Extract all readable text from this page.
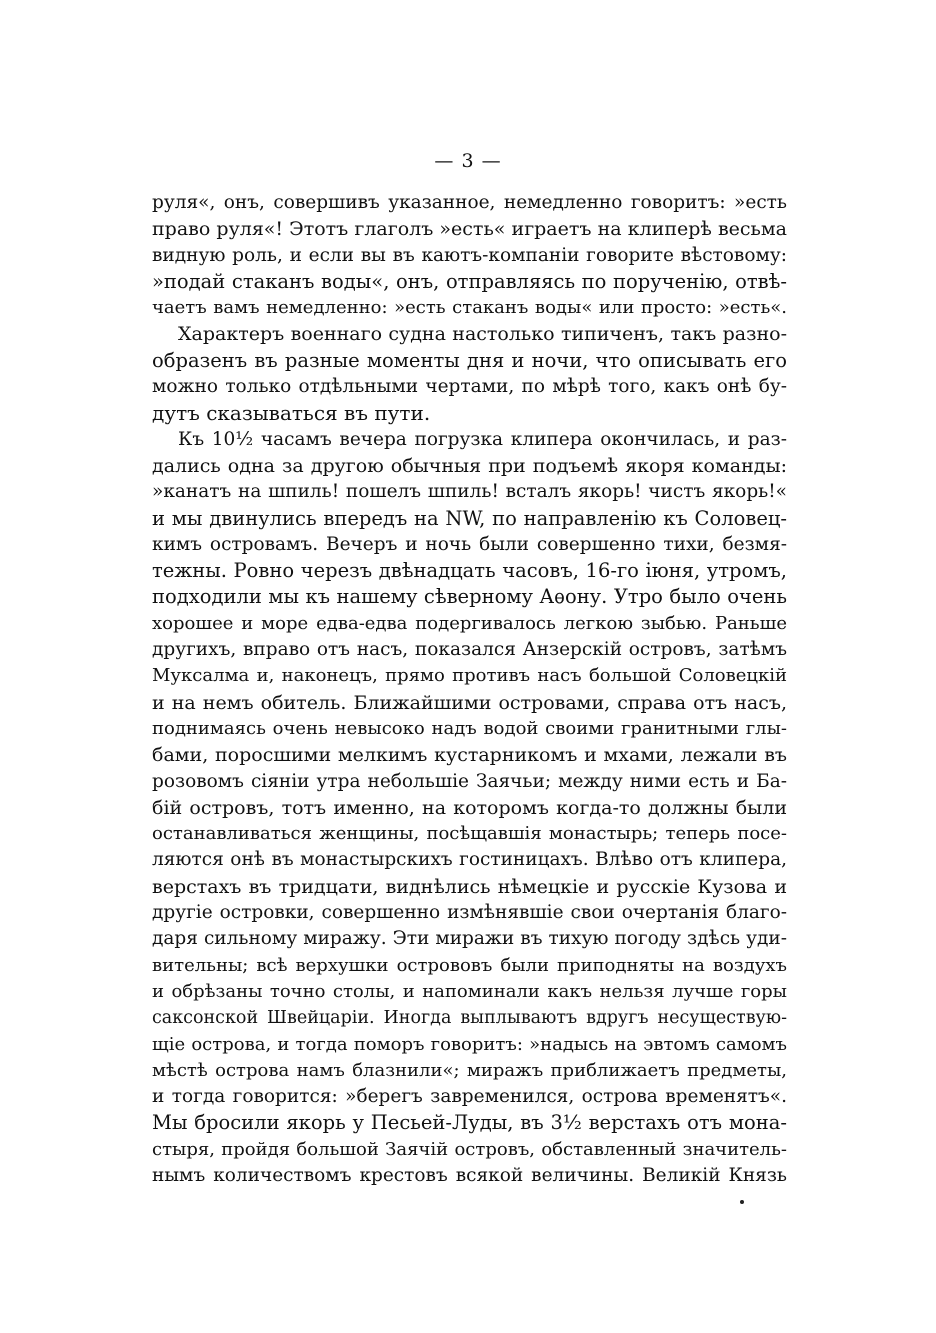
— 3 —
руля«, онъ, совершивъ указанное, немедленно говоритъ: »есть
право руля«! Этотъ глаголъ »есть« играетъ на клиперѣ весьма
видную роль, и если вы въ каютъ-компаніи говорите вѣстовому:
»подай стаканъ воды«, онъ, отправляясь по порученію, отвѣ-
чаетъ вамъ немедленно: »есть стаканъ воды« или просто: »есть«.
Характеръ военнаго судна настолько типиченъ, такъ разно-
образенъ въ разные моменты дня и ночи, что описывать его
можно только отдѣльными чертами, по мѣрѣ того, какъ онѣ бу-
дутъ сказываться въ пути.
Къ 10½ часамъ вечера погрузка клипера окончилась, и раз-
дались одна за другою обычныя при подъемѣ якоря команды:
»канатъ на шпиль! пошелъ шпиль! всталъ якорь! чистъ якорь!«
и мы двинулись впередъ на NW, по направленію къ Соловец-
кимъ островамъ. Вечеръ и ночь были совершенно тихи, безмя-
тежны. Ровно черезъ двѣнадцать часовъ, 16-го іюня, утромъ,
подходили мы къ нашему сѣверному Аѳону. Утро было очень
хорошее и море едва-едва подергивалось легкою зыбью. Раньше
другихъ, вправо отъ насъ, показался Анзерскій островъ, затѣмъ
Муксалма и, наконецъ, прямо противъ насъ большой Соловецкій
и на немъ обитель. Ближайшими островами, справа отъ насъ,
поднимаясь очень невысоко надъ водой своими гранитными глы-
бами, поросшими мелкимъ кустарникомъ и мхами, лежали въ
розовомъ сіяніи утра небольшіе Заячьи; между ними есть и Ба-
бій островъ, тотъ именно, на которомъ когда-то должны были
останавливаться женщины, посѣщавшія монастырь; теперь посе-
ляются онѣ въ монастырскихъ гостиницахъ. Влѣво отъ клипера,
верстахъ въ тридцати, виднѣлись нѣмецкіе и русскіе Кузова и
другіе островки, совершенно измѣнявшіе свои очертанія благо-
даря сильному миражу. Эти миражи въ тихую погоду здѣсь уди-
вительны; всѣ верхушки острововъ были приподняты на воздухъ
и обрѣзаны точно столы, и напоминали какъ нельзя лучше горы
саксонской Швейцаріи. Иногда выплываютъ вдругъ несуществую-
щіе острова, и тогда поморъ говоритъ: »надысь на эвтомъ самомъ
мѣстѣ острова намъ блазнили«; миражъ приближаетъ предметы,
и тогда говорится: »берегъ завременился, острова временятъ«.
Мы бросили якорь у Песьей-Луды, въ 3½ верстахъ отъ мона-
стыря, пройдя большой Заячій островъ, обставленный значитель-
нымъ количествомъ крестовъ всякой величины. Великій Князь
